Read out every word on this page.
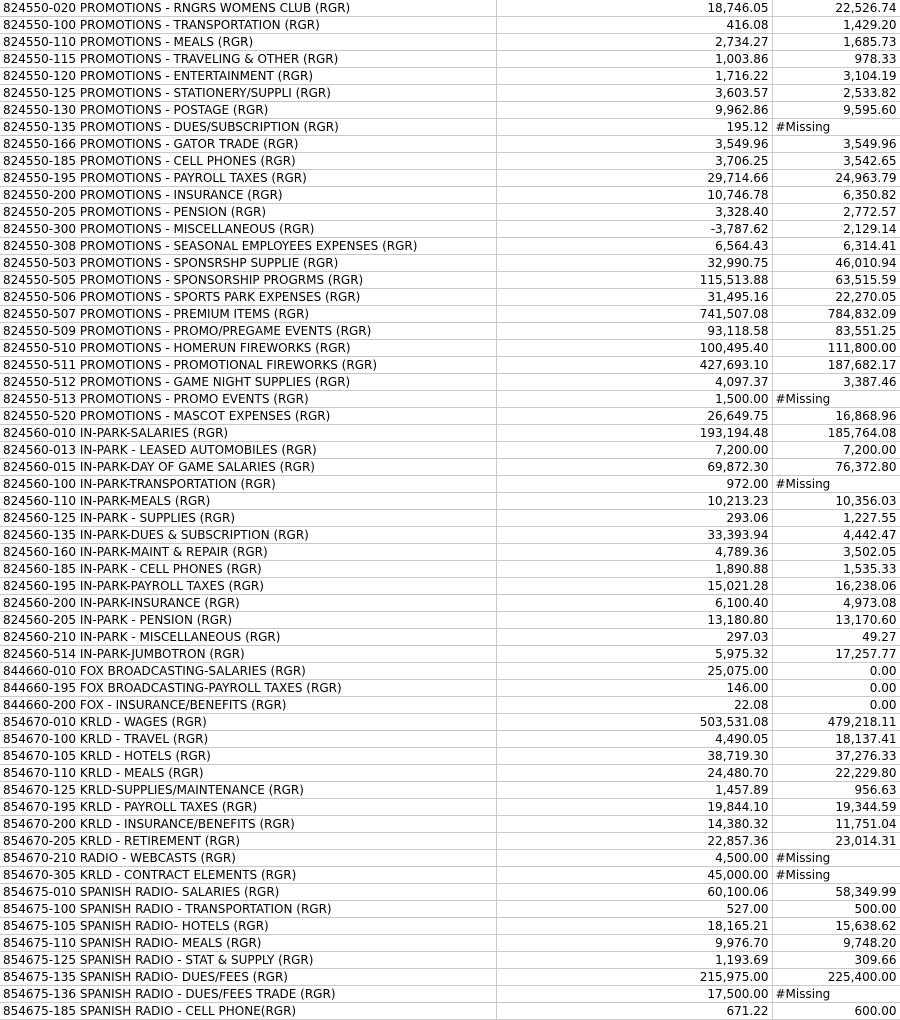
824550-020 PROMOTIONS - RNGRS WOMENS CLUB (RGR)	18,746.05	22,526.74
824550-100 PROMOTIONS - TRANSPORTATION (RGR)	416.08	1,429.20
824550-110 PROMOTIONS - MEALS (RGR)	2,734.27	1,685.73
824550-115 PROMOTIONS - TRAVELING & OTHER (RGR)	1,003.86	978.33
824550-120 PROMOTIONS - ENTERTAINMENT (RGR)	1,716.22	3,104.19
824550-125 PROMOTIONS - STATIONERY/SUPPLI (RGR)	3,603.57	2,533.82
824550-130 PROMOTIONS - POSTAGE (RGR)	9,962.86	9,595.60
824550-135 PROMOTIONS - DUES/SUBSCRIPTION (RGR)	195.12	#Missing
824550-166 PROMOTIONS - GATOR TRADE (RGR)	3,549.96	3,549.96
824550-185 PROMOTIONS - CELL PHONES (RGR)	3,706.25	3,542.65
824550-195 PROMOTIONS - PAYROLL TAXES (RGR)	29,714.66	24,963.79
824550-200 PROMOTIONS - INSURANCE (RGR)	10,746.78	6,350.82
824550-205 PROMOTIONS - PENSION (RGR)	3,328.40	2,772.57
824550-300 PROMOTIONS - MISCELLANEOUS (RGR)	-3,787.62	2,129.14
824550-308 PROMOTIONS - SEASONAL EMPLOYEES EXPENSES (RGR)	6,564.43	6,314.41
824550-503 PROMOTIONS - SPONSRSHP SUPPLIE (RGR)	32,990.75	46,010.94
824550-505 PROMOTIONS - SPONSORSHIP PROGRMS (RGR)	115,513.88	63,515.59
824550-506 PROMOTIONS - SPORTS PARK EXPENSES (RGR)	31,495.16	22,270.05
824550-507 PROMOTIONS - PREMIUM ITEMS (RGR)	741,507.08	784,832.09
824550-509 PROMOTIONS - PROMO/PREGAME EVENTS (RGR)	93,118.58	83,551.25
824550-510 PROMOTIONS - HOMERUN FIREWORKS (RGR)	100,495.40	111,800.00
824550-511 PROMOTIONS - PROMOTIONAL FIREWORKS (RGR)	427,693.10	187,682.17
824550-512 PROMOTIONS - GAME NIGHT SUPPLIES (RGR)	4,097.37	3,387.46
824550-513 PROMOTIONS - PROMO EVENTS (RGR)	1,500.00	#Missing
824550-520 PROMOTIONS - MASCOT EXPENSES (RGR)	26,649.75	16,868.96
824560-010 IN-PARK-SALARIES (RGR)	193,194.48	185,764.08
824560-013 IN-PARK - LEASED AUTOMOBILES (RGR)	7,200.00	7,200.00
824560-015 IN-PARK-DAY OF GAME SALARIES (RGR)	69,872.30	76,372.80
824560-100 IN-PARK-TRANSPORTATION (RGR)	972.00	#Missing
824560-110 IN-PARK-MEALS (RGR)	10,213.23	10,356.03
824560-125 IN-PARK - SUPPLIES (RGR)	293.06	1,227.55
824560-135 IN-PARK-DUES & SUBSCRIPTION (RGR)	33,393.94	4,442.47
824560-160 IN-PARK-MAINT & REPAIR (RGR)	4,789.36	3,502.05
824560-185 IN-PARK - CELL PHONES (RGR)	1,890.88	1,535.33
824560-195 IN-PARK-PAYROLL TAXES (RGR)	15,021.28	16,238.06
824560-200 IN-PARK-INSURANCE (RGR)	6,100.40	4,973.08
824560-205 IN-PARK - PENSION (RGR)	13,180.80	13,170.60
824560-210 IN-PARK - MISCELLANEOUS (RGR)	297.03	49.27
824560-514 IN-PARK-JUMBOTRON (RGR)	5,975.32	17,257.77
844660-010 FOX BROADCASTING-SALARIES (RGR)	25,075.00	0.00
844660-195 FOX BROADCASTING-PAYROLL TAXES (RGR)	146.00	0.00
844660-200 FOX - INSURANCE/BENEFITS (RGR)	22.08	0.00
854670-010 KRLD - WAGES (RGR)	503,531.08	479,218.11
854670-100 KRLD - TRAVEL (RGR)	4,490.05	18,137.41
854670-105 KRLD - HOTELS (RGR)	38,719.30	37,276.33
854670-110 KRLD - MEALS (RGR)	24,480.70	22,229.80
854670-125 KRLD-SUPPLIES/MAINTENANCE (RGR)	1,457.89	956.63
854670-195 KRLD - PAYROLL TAXES (RGR)	19,844.10	19,344.59
854670-200 KRLD - INSURANCE/BENEFITS (RGR)	14,380.32	11,751.04
854670-205 KRLD - RETIREMENT (RGR)	22,857.36	23,014.31
854670-210 RADIO - WEBCASTS (RGR)	4,500.00	#Missing
854670-305 KRLD - CONTRACT ELEMENTS (RGR)	45,000.00	#Missing
854675-010 SPANISH RADIO- SALARIES (RGR)	60,100.06	58,349.99
854675-100 SPANISH RADIO - TRANSPORTATION (RGR)	527.00	500.00
854675-105 SPANISH RADIO- HOTELS (RGR)	18,165.21	15,638.62
854675-110 SPANISH RADIO- MEALS (RGR)	9,976.70	9,748.20
854675-125 SPANISH RADIO - STAT & SUPPLY (RGR)	1,193.69	309.66
854675-135 SPANISH RADIO- DUES/FEES (RGR)	215,975.00	225,400.00
854675-136 SPANISH RADIO - DUES/FEES TRADE (RGR)	17,500.00	#Missing
854675-185 SPANISH RADIO - CELL PHONE(RGR)	671.22	600.00
